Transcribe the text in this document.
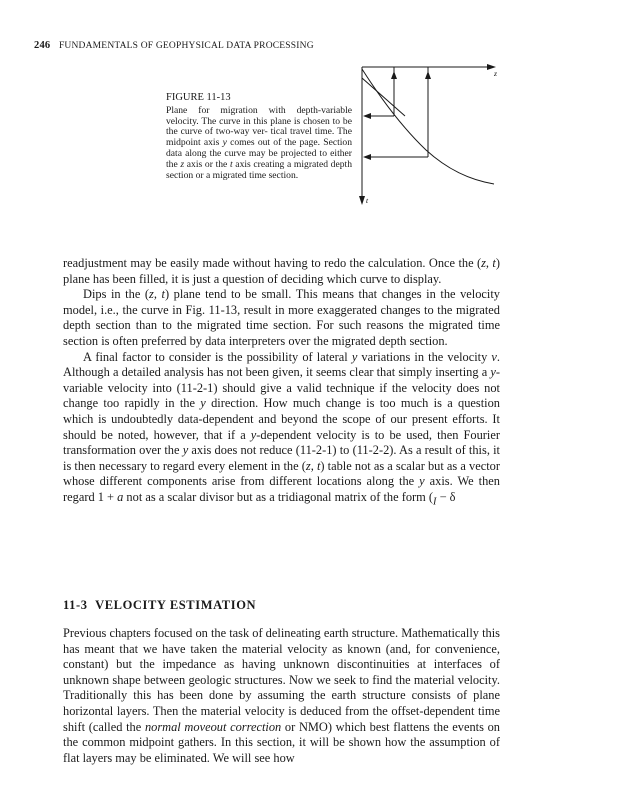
246 FUNDAMENTALS OF GEOPHYSICAL DATA PROCESSING
z
t
FIGURE 11-13
Plane for migration with depth-variable velocity. The curve in this plane is chosen to be the curve of two-way ver- tical travel time. The midpoint axis y comes out of the page. Section data along the curve may be projected to either the z axis or the t axis creating a migrated depth section or a migrated time section.

readjustment may be easily made without having to redo the calculation. Once the (z, t) plane has been filled, it is just a question of deciding which curve to display.

Dips in the (z, t) plane tend to be small. This means that changes in the velocity model, i.e., the curve in Fig. 11-13, result in more exaggerated changes to the migrated depth section than to the migrated time section. For such reasons the migrated time section is often preferred by data interpreters over the migrated depth section.

A final factor to consider is the possibility of lateral y variations in the velocity v. Although a detailed analysis has not been given, it seems clear that simply inserting a y-variable velocity into (11-2-1) should give a valid technique if the velocity does not change too rapidly in the y direction. How much change is too much is a question which is undoubtedly data-dependent and beyond the scope of our present efforts. It should be noted, however, that if a y-dependent velocity is to be used, then Fourier transformation over the y axis does not reduce (11-2-1) to (11-2-2). As a result of this, it is then necessary to regard every element in the (z, t) table not as a scalar but as a vector whose different components arise from different locations along the y axis. We then regard 1 + a not as a scalar divisor but as a tridiagonal matrix of the form ($_I - \delta$

11-3 VELOCITY ESTIMATION

Previous chapters focused on the task of delineating earth structure. Mathematically this has meant that we have taken the material velocity as known (and, for convenience, constant) but the impedance as having unknown discontinuities at interfaces of unknown shape between geologic structures. Now we seek to find the material velocity. Traditionally this has been done by assuming the earth structure consists of plane horizontal layers. Then the material velocity is deduced from the offset-dependent time shift (called the normal moveout correction or NMO) which best flattens the events on the common midpoint gathers. In this section, it will be shown how the assumption of flat layers may be eliminated. We will see how
